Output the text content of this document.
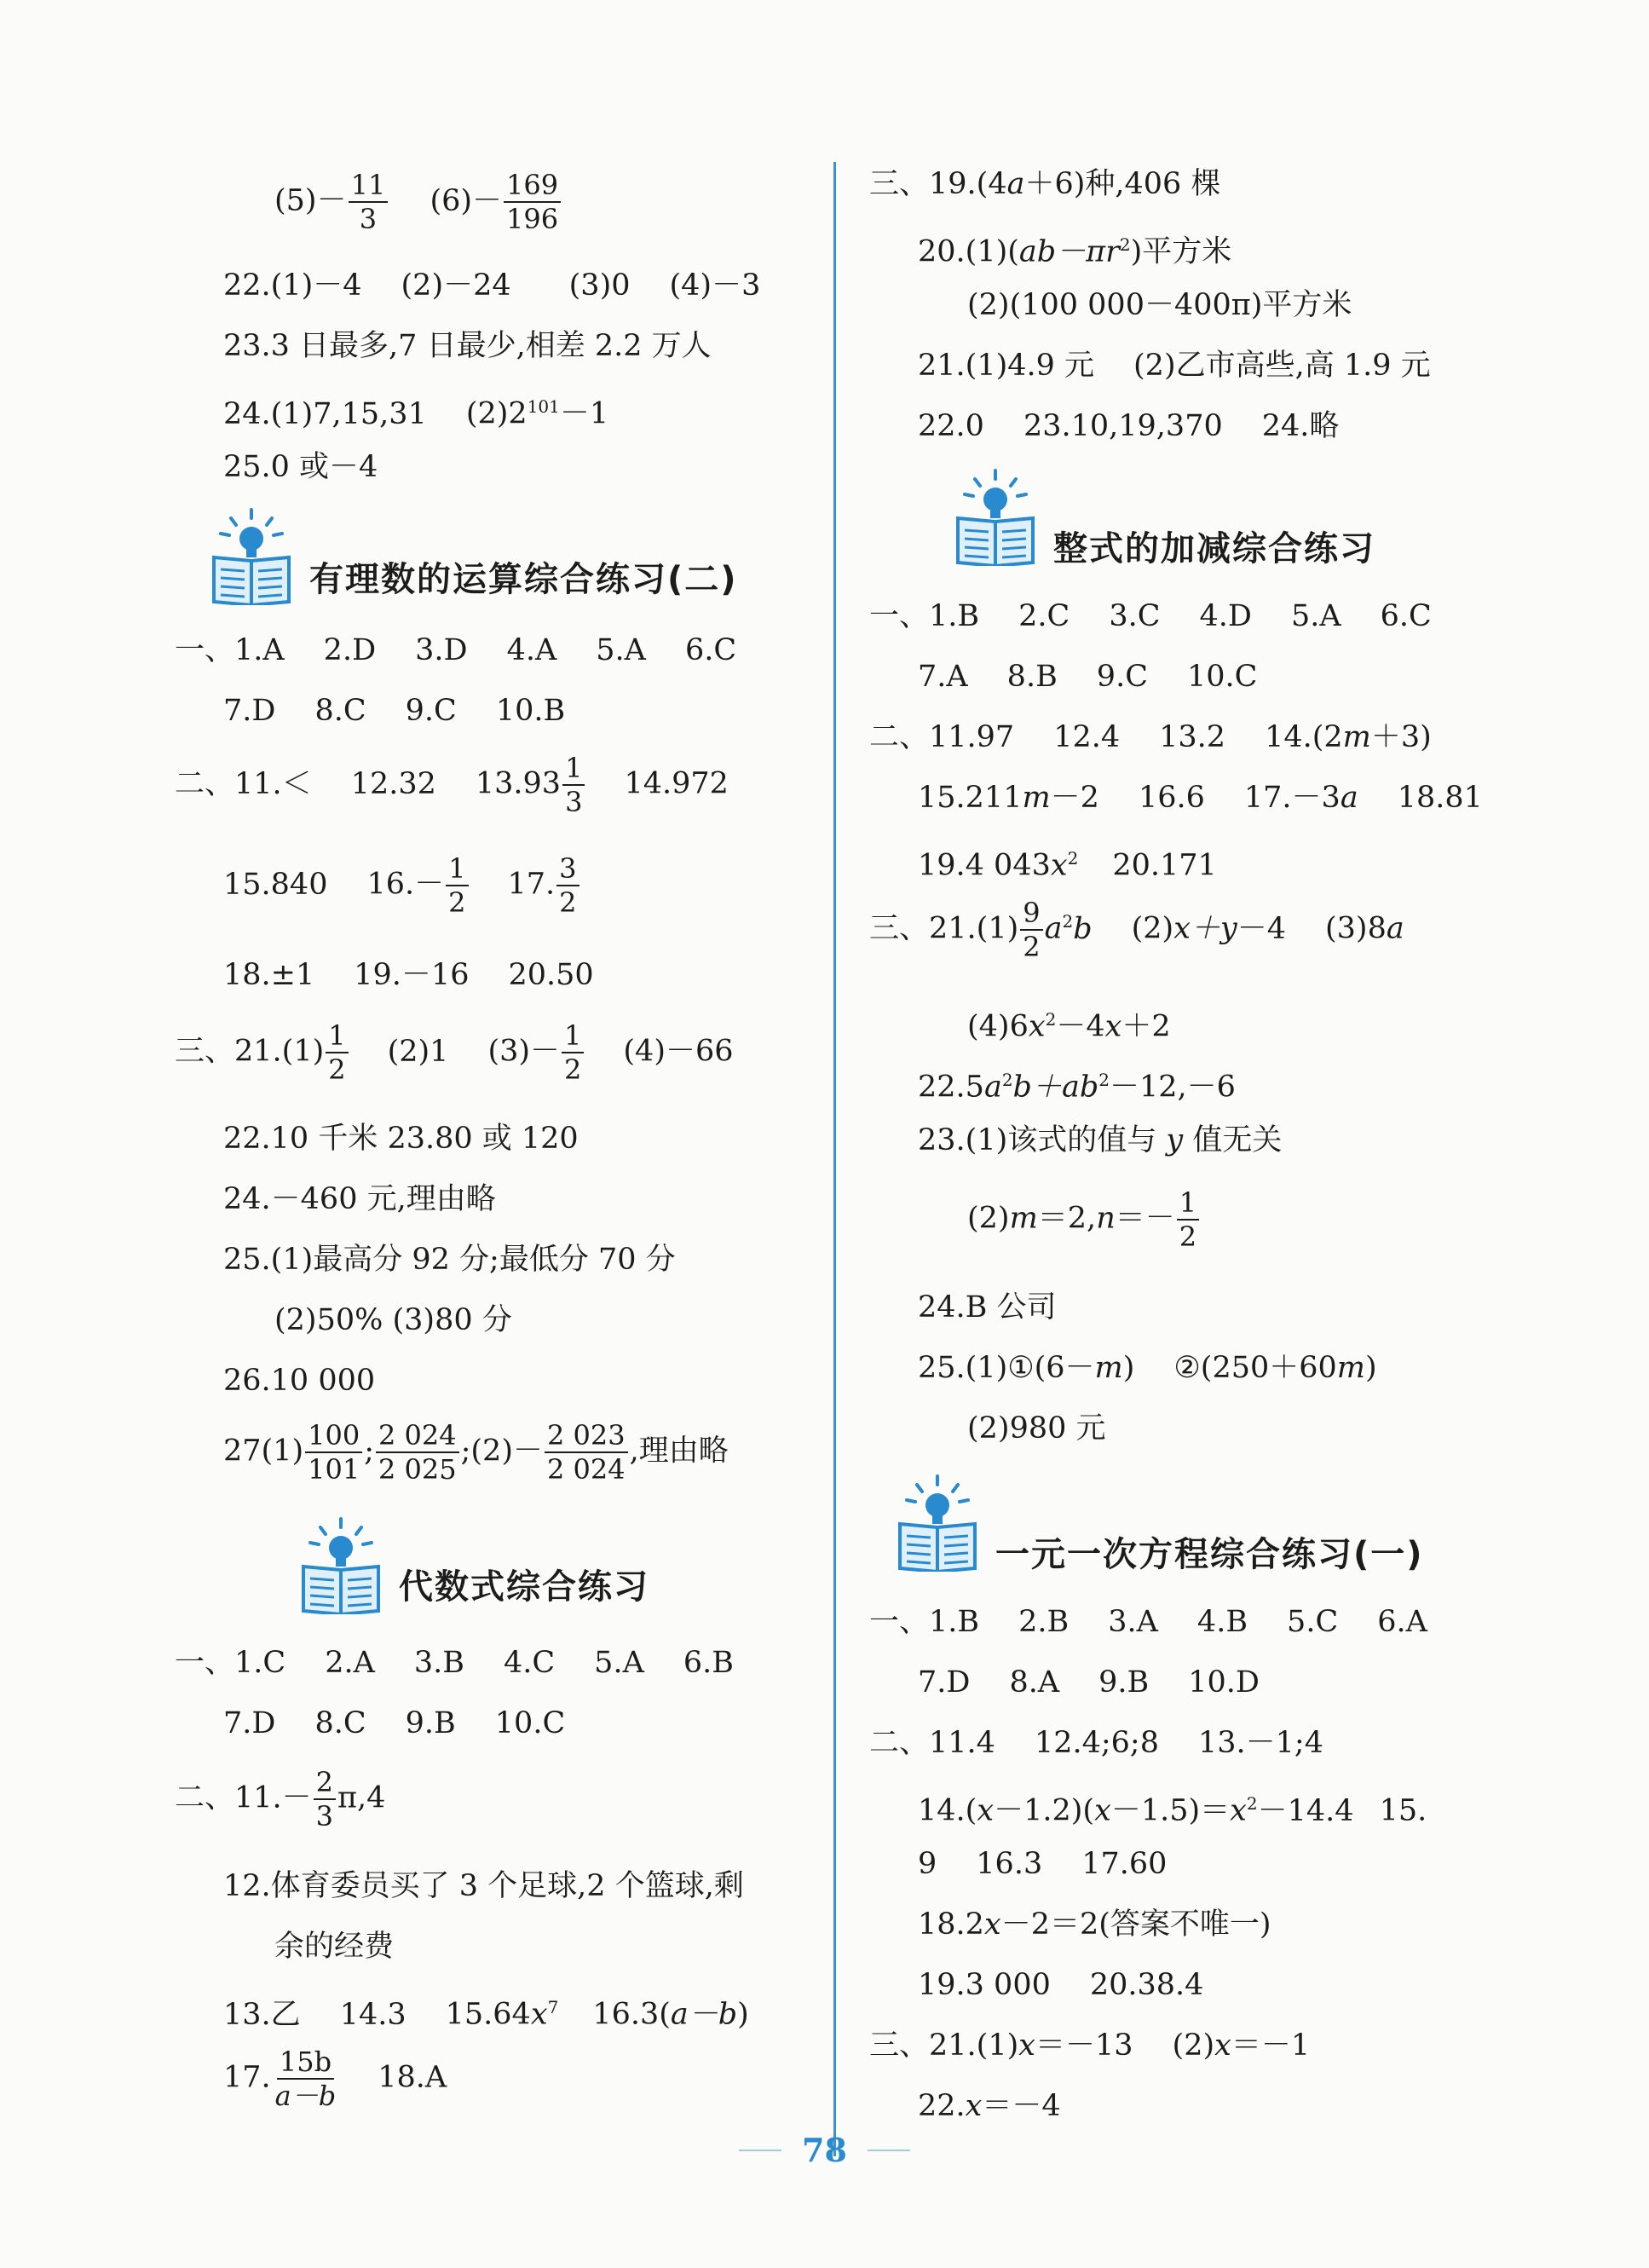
$(5)- \frac{11}{3} (6)- \frac{169}{196}$
22.(1)－4 (2)－24 (3)0 (4)－3
23.3 日最多,7 日最少,相差 2.2 万人
24.(1)7,15,31 $(2)2^{101}-1$
25.0 或－4
有理数的运算综合练习(二)
一、1.A 2.D 3.D 4.A 5.A 6.C
7.D 8.C 9.C 10.B
二、11.＜ 12.32 $13.93 \frac{1}{3} 14.972$
15.840 $16.- \frac{1}{2} 17$. $\frac{3}{2}$
18.±1 19.－16 20.50
三、$21.(1) \frac{1}{2} (2)1$ $(3)- \frac{1}{2} (4)-66$
22.10 千米 23.80 或 120
24.－460 元,理由略
25.(1)最高分 92 分;最低分 70 分
(2)50% (3)80 分
26.10 000
$27(1) \frac{100}{101}$ ; $\frac{2 024}{2 025}$ ;(2)－ $\frac{2 023}{2 024}$ ,理由略
代数式综合练习
一、1.C 2.A 3.B 4.C 5.A 6.B
7.D 8.C 9.B 10.C
二、$11.- \frac{2}{3} \pi,4$
12.体育委员买了 3 个足球,2 个篮球,剩
余的经费
13.乙 14.3 $15.64x^7$ 16.3(a－b)
17. $\frac{15b}{a-b} 18.A$
三、19.(4a＋6)种,406 棵
$20.(1)(ab-\pi r^2)$平方米
(2)(100 000－400π)平方米
21.(1)4.9 元 (2)乙市高些,高 1.9 元
22.0 23.10,19,370 24.略
整式的加减综合练习
一、1.B 2.C 3.C 4.D 5.A 6.C
7.A 8.B 9.C 10.C
二、11.97 12.4 13.2 14.(2m＋3)
15.211m－2 16.6 17.－3a 18.81
19.4 $043x^2$ 20.171
三、$21.(1) \frac{9}{2} a^2b$ (2)x＋y－4 (3)8a
$(4)6x^2-4x+2$
$22.5a^2b+ab^2-12,-6$
23.(1)该式的值与 y 值无关
$(2)m=2,n=- \frac{1}{2}$
24.B 公司
25.(1)①(6－m) ②(250＋60m)
(2)980 元
一元一次方程综合练习(一)
一、1.B 2.B 3.A 4.B 5.C 6.A
7.D 8.A 9.B 10.D
二、11.4 12.4;6;8 13.－1;4
$14.(x-1.2)(x-1.5)=x^2-14.4$ 15.
9 16.3 17.60
18.2x－2＝2(答案不唯一)
19.3 000 20.38.4
三、21.(1)x＝－13 (2)x＝－1
22.x＝－4
78
